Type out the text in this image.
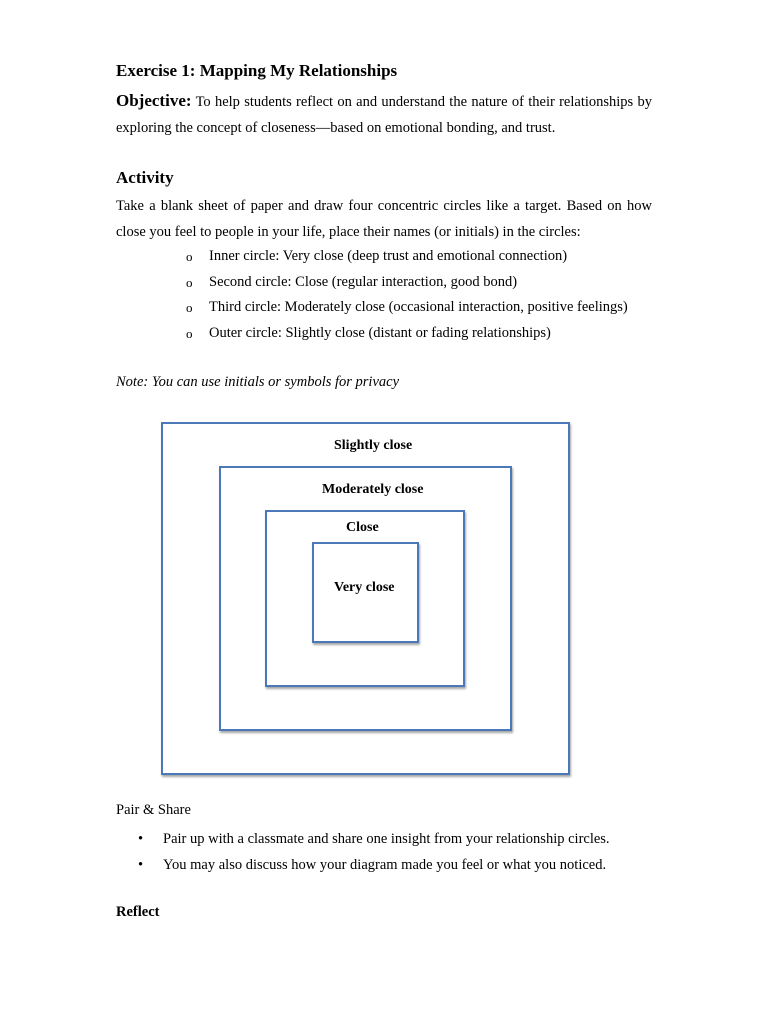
Exercise 1: Mapping My Relationships
Objective: To help students reflect on and understand the nature of their relationships by exploring the concept of closeness—based on emotional bonding, and trust.
Activity
Take a blank sheet of paper and draw four concentric circles like a target. Based on how close you feel to people in your life, place their names (or initials) in the circles:
o Inner circle: Very close (deep trust and emotional connection)
o Second circle: Close (regular interaction, good bond)
o Third circle: Moderately close (occasional interaction, positive feelings)
o Outer circle: Slightly close (distant or fading relationships)
Note: You can use initials or symbols for privacy
Pair & Share
• Pair up with a classmate and share one insight from your relationship circles.
• You may also discuss how your diagram made you feel or what you noticed.
Reflect
Slightly close
Moderately close
Close
Very close
